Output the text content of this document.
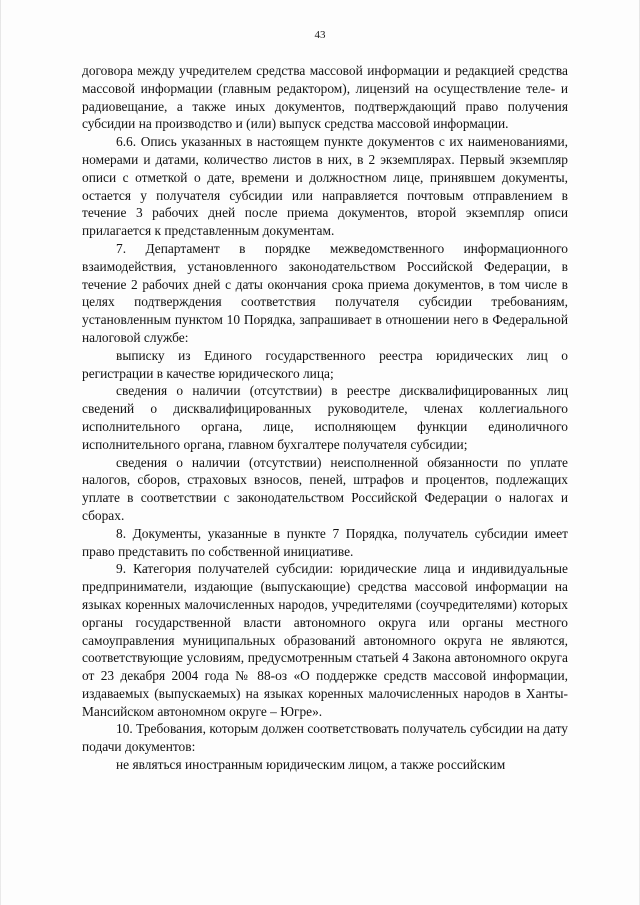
43

договора между учредителем средства массовой информации и редакцией средства массовой информации (главным редактором), лицензий на осуществление теле- и радиовещание, а также иных документов, подтверждающий право получения субсидии на производство и (или) выпуск средства массовой информации.

6.6. Опись указанных в настоящем пункте документов с их наименованиями, номерами и датами, количество листов в них, в 2 экземплярах. Первый экземпляр описи с отметкой о дате, времени и должностном лице, принявшем документы, остается у получателя субсидии или направляется почтовым отправлением в течение 3 рабочих дней после приема документов, второй экземпляр описи прилагается к представленным документам.

7. Департамент в порядке межведомственного информационного взаимодействия, установленного законодательством Российской Федерации, в течение 2 рабочих дней с даты окончания срока приема документов, в том числе в целях подтверждения соответствия получателя субсидии требованиям, установленным пунктом 10 Порядка, запрашивает в отношении него в Федеральной налоговой службе:

выписку из Единого государственного реестра юридических лиц о регистрации в качестве юридического лица;

сведения о наличии (отсутствии) в реестре дисквалифицированных лиц сведений о дисквалифицированных руководителе, членах коллегиального исполнительного органа, лице, исполняющем функции единоличного исполнительного органа, главном бухгалтере получателя субсидии;

сведения о наличии (отсутствии) неисполненной обязанности по уплате налогов, сборов, страховых взносов, пеней, штрафов и процентов, подлежащих уплате в соответствии с законодательством Российской Федерации о налогах и сборах.

8. Документы, указанные в пункте 7 Порядка, получатель субсидии имеет право представить по собственной инициативе.

9. Категория получателей субсидии: юридические лица и индивидуальные предприниматели, издающие (выпускающие) средства массовой информации на языках коренных малочисленных народов, учредителями (соучредителями) которых органы государственной власти автономного округа или органы местного самоуправления муниципальных образований автономного округа не являются, соответствующие условиям, предусмотренным статьей 4 Закона автономного округа от 23 декабря 2004 года № 88-оз «О поддержке средств массовой информации, издаваемых (выпускаемых) на языках коренных малочисленных народов в Ханты-Мансийском автономном округе – Югре».

10. Требования, которым должен соответствовать получатель субсидии на дату подачи документов:

не являться иностранным юридическим лицом, а также российским
